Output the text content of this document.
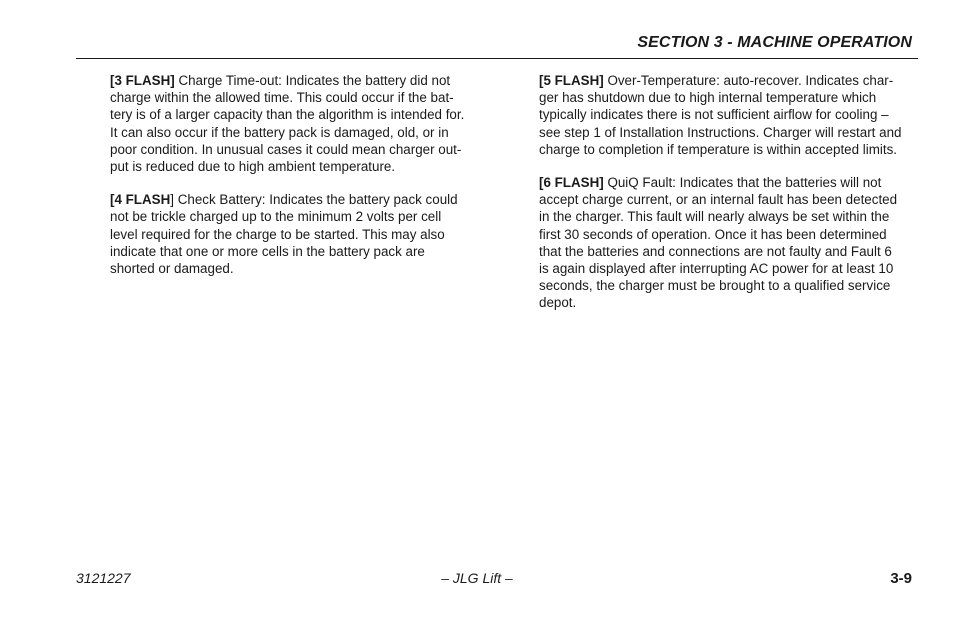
SECTION 3 - MACHINE OPERATION

[3 FLASH] Charge Time-out: Indicates the battery did not
charge within the allowed time. This could occur if the bat-
tery is of a larger capacity than the algorithm is intended for.
It can also occur if the battery pack is damaged, old, or in
poor condition. In unusual cases it could mean charger out-
put is reduced due to high ambient temperature.

[4 FLASH] Check Battery: Indicates the battery pack could
not be trickle charged up to the minimum 2 volts per cell
level required for the charge to be started. This may also
indicate that one or more cells in the battery pack are
shorted or damaged.

[5 FLASH] Over-Temperature: auto-recover. Indicates char-
ger has shutdown due to high internal temperature which
typically indicates there is not sufficient airflow for cooling –
see step 1 of Installation Instructions. Charger will restart and
charge to completion if temperature is within accepted limits.

[6 FLASH] QuiQ Fault: Indicates that the batteries will not
accept charge current, or an internal fault has been detected
in the charger. This fault will nearly always be set within the
first 30 seconds of operation. Once it has been determined
that the batteries and connections are not faulty and Fault 6
is again displayed after interrupting AC power for at least 10
seconds, the charger must be brought to a qualified service
depot.

– JLG Lift –
3121227	3-9
